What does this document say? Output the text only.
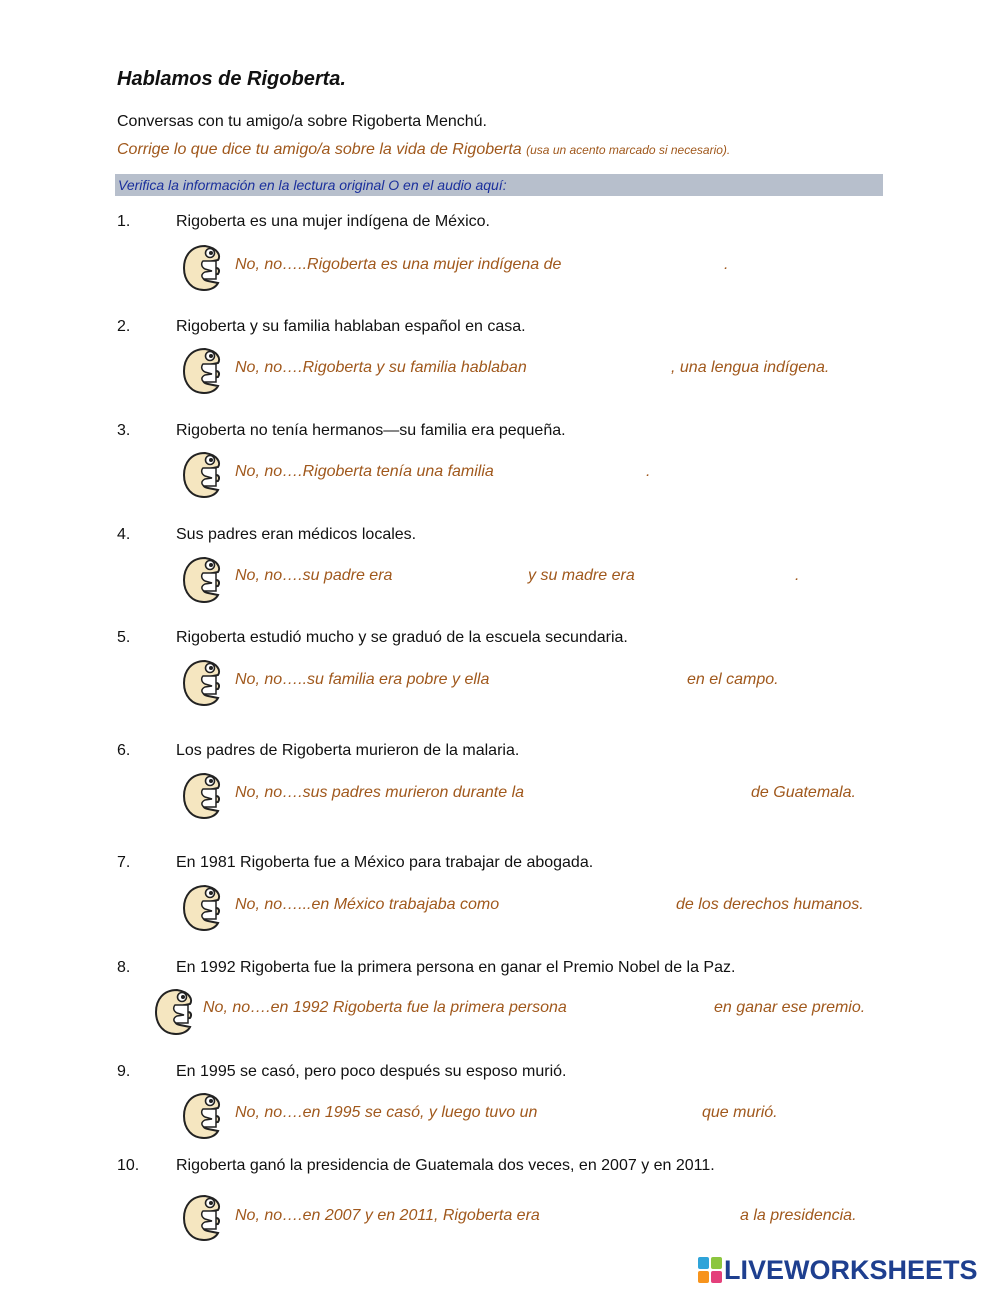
Hablamos de Rigoberta.
Conversas con tu amigo/a sobre Rigoberta Menchú.
Corrige lo que dice tu amigo/a sobre la vida de Rigoberta (usa un acento marcado si necesario).
Verifica la información en la lectura original O en el audio aquí:
1.	Rigoberta es una mujer indígena de México.
No, no…..Rigoberta es una mujer indígena de	.
2.	Rigoberta y su familia hablaban español en casa.
No, no….Rigoberta y su familia hablaban	, una lengua indígena.
3.	Rigoberta no tenía hermanos—su familia era pequeña.
No, no….Rigoberta tenía una familia	.
4.	Sus padres eran médicos locales.
No, no….su padre era	y su madre era	.
5.	Rigoberta estudió mucho y se graduó de la escuela secundaria.
No, no…..su familia era pobre y ella	en el campo.
6.	Los padres de Rigoberta murieron de la malaria.
No, no….sus padres murieron durante la	de Guatemala.
7.	En 1981 Rigoberta fue a México para trabajar de abogada.
No, no…...en México trabajaba como	de los derechos humanos.
8.	En 1992 Rigoberta fue la primera persona en ganar el Premio Nobel de la Paz.
No, no….en 1992 Rigoberta fue la primera persona	en ganar ese premio.
9.	En 1995 se casó, pero poco después su esposo murió.
No, no….en 1995 se casó, y luego tuvo un	que murió.
10.	Rigoberta ganó la presidencia de Guatemala dos veces, en 2007 y en 2011.
No, no….en 2007 y en 2011, Rigoberta era	a la presidencia.
LIVEWORKSHEETS
